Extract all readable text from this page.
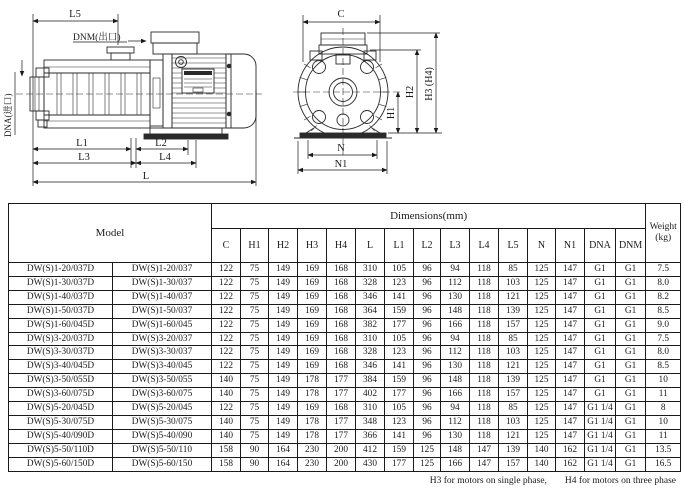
L5
DNM(出口)
DNA(进口)
L1	L2
L3	L4
L
C
H1
H2 H3 (H4)
N
N1
Model		Dimensions(mm)															Weight
(kg)

		C	H1	H2	H3	H4	L	L1	L2	L3	L4	L5	N	N1	DNA	DNM	
DW(S)1-20/037D	DW(S)1-20/037	122	75	149	169	168	310	105	96	94	118	85	125	147	G1	G1	7.5
DW(S)1-30/037D	DW(S)1-30/037	122	75	149	169	168	328	123	96	112	118	103	125	147	G1	G1	8.0
DW(S)1-40/037D	DW(S)1-40/037	122	75	149	169	168	346	141	96	130	118	121	125	147	G1	G1	8.2
DW(S)1-50/037D	DW(S)1-50/037	122	75	149	169	168	364	159	96	148	118	139	125	147	G1	G1	8.5
DW(S)1-60/045D	DW(S)1-60/045	122	75	149	169	168	382	177	96	166	118	157	125	147	G1	G1	9.0
DW(S)3-20/037D	DW(S)3-20/037	122	75	149	169	168	310	105	96	94	118	85	125	147	G1	G1	7.5
DW(S)3-30/037D	DW(S)3-30/037	122	75	149	169	168	328	123	96	112	118	103	125	147	G1	G1	8.0
DW(S)3-40/045D	DW(S)3-40/045	122	75	149	169	168	346	141	96	130	118	121	125	147	G1	G1	8.5
DW(S)3-50/055D	DW(S)3-50/055	140	75	149	178	177	384	159	96	148	118	139	125	147	G1	G1	10
DW(S)3-60/075D	DW(S)3-60/075	140	75	149	178	177	402	177	96	166	118	157	125	147	G1	G1	11
DW(S)5-20/045D	DW(S)5-20/045	122	75	149	169	168	310	105	96	94	118	85	125	147	G1 1/4	G1	8
DW(S)5-30/075D	DW(S)5-30/075	140	75	149	178	177	348	123	96	112	118	103	125	147	G1 1/4	G1	10
DW(S)5-40/090D	DW(S)5-40/090	140	75	149	178	177	366	141	96	130	118	121	125	147	G1 1/4	G1	11
DW(S)5-50/110D	DW(S)5-50/110	158	90	164	230	200	412	159	125	148	147	139	140	162	G1 1/4	G1	13.5
DW(S)5-60/150D	DW(S)5-60/150	158	90	164	230	200	430	177	125	166	147	157	140	162	G1 1/4	G1	16.5
H3 for motors on single phase, H4 for motors on three phase
